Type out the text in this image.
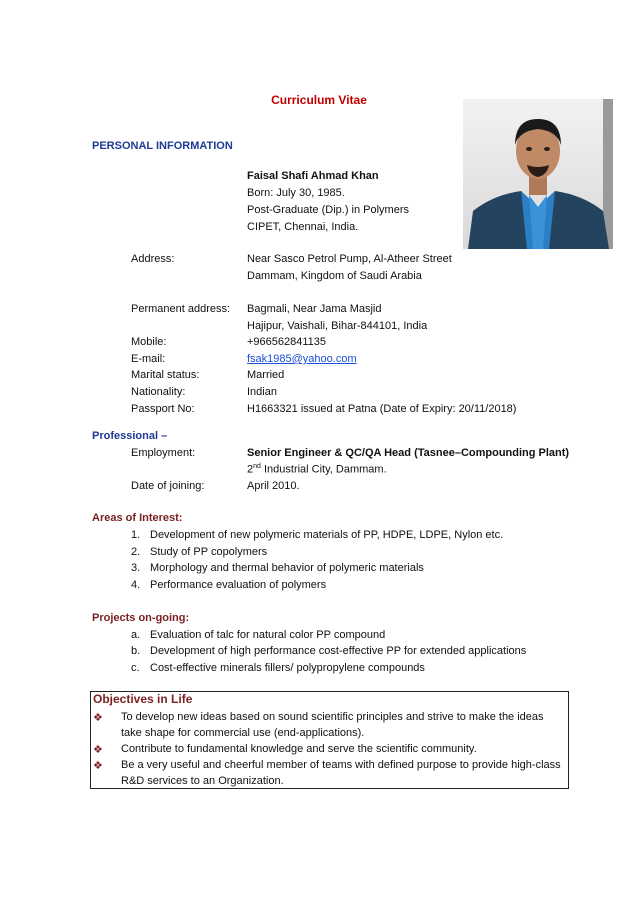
Curriculum Vitae
PERSONAL INFORMATION
Faisal Shafi Ahmad Khan
Born: July 30, 1985.
Post-Graduate (Dip.) in Polymers
CIPET, Chennai, India.
Address:	Near Sasco Petrol Pump, Al-Atheer Street
Dammam, Kingdom of Saudi Arabia
Permanent address: Bagmali, Near Jama Masjid
Hajipur, Vaishali, Bihar-844101, India
Mobile:	+966562841135
E-mail:	fsak1985@yahoo.com
Marital status:	Married
Nationality:	Indian
Passport No:	H1663321 issued at Patna (Date of Expiry: 20/11/2018)
Professional –
Employment:	Senior Engineer & QC/QA Head (Tasnee–Compounding Plant)
2nd Industrial City, Dammam.
Date of joining:	April 2010.
Areas of Interest:
1. Development of new polymeric materials of PP, HDPE, LDPE, Nylon etc.
2. Study of PP copolymers
3. Morphology and thermal behavior of polymeric materials
4. Performance evaluation of polymers
Projects on-going:
a. Evaluation of talc for natural color PP compound
b. Development of high performance cost-effective PP for extended applications
c. Cost-effective minerals fillers/ polypropylene compounds
Objectives in Life
❖ To develop new ideas based on sound scientific principles and strive to make the ideas take shape for commercial use (end-applications).
❖ Contribute to fundamental knowledge and serve the scientific community.
❖ Be a very useful and cheerful member of teams with defined purpose to provide high-class R&D services to an Organization.
